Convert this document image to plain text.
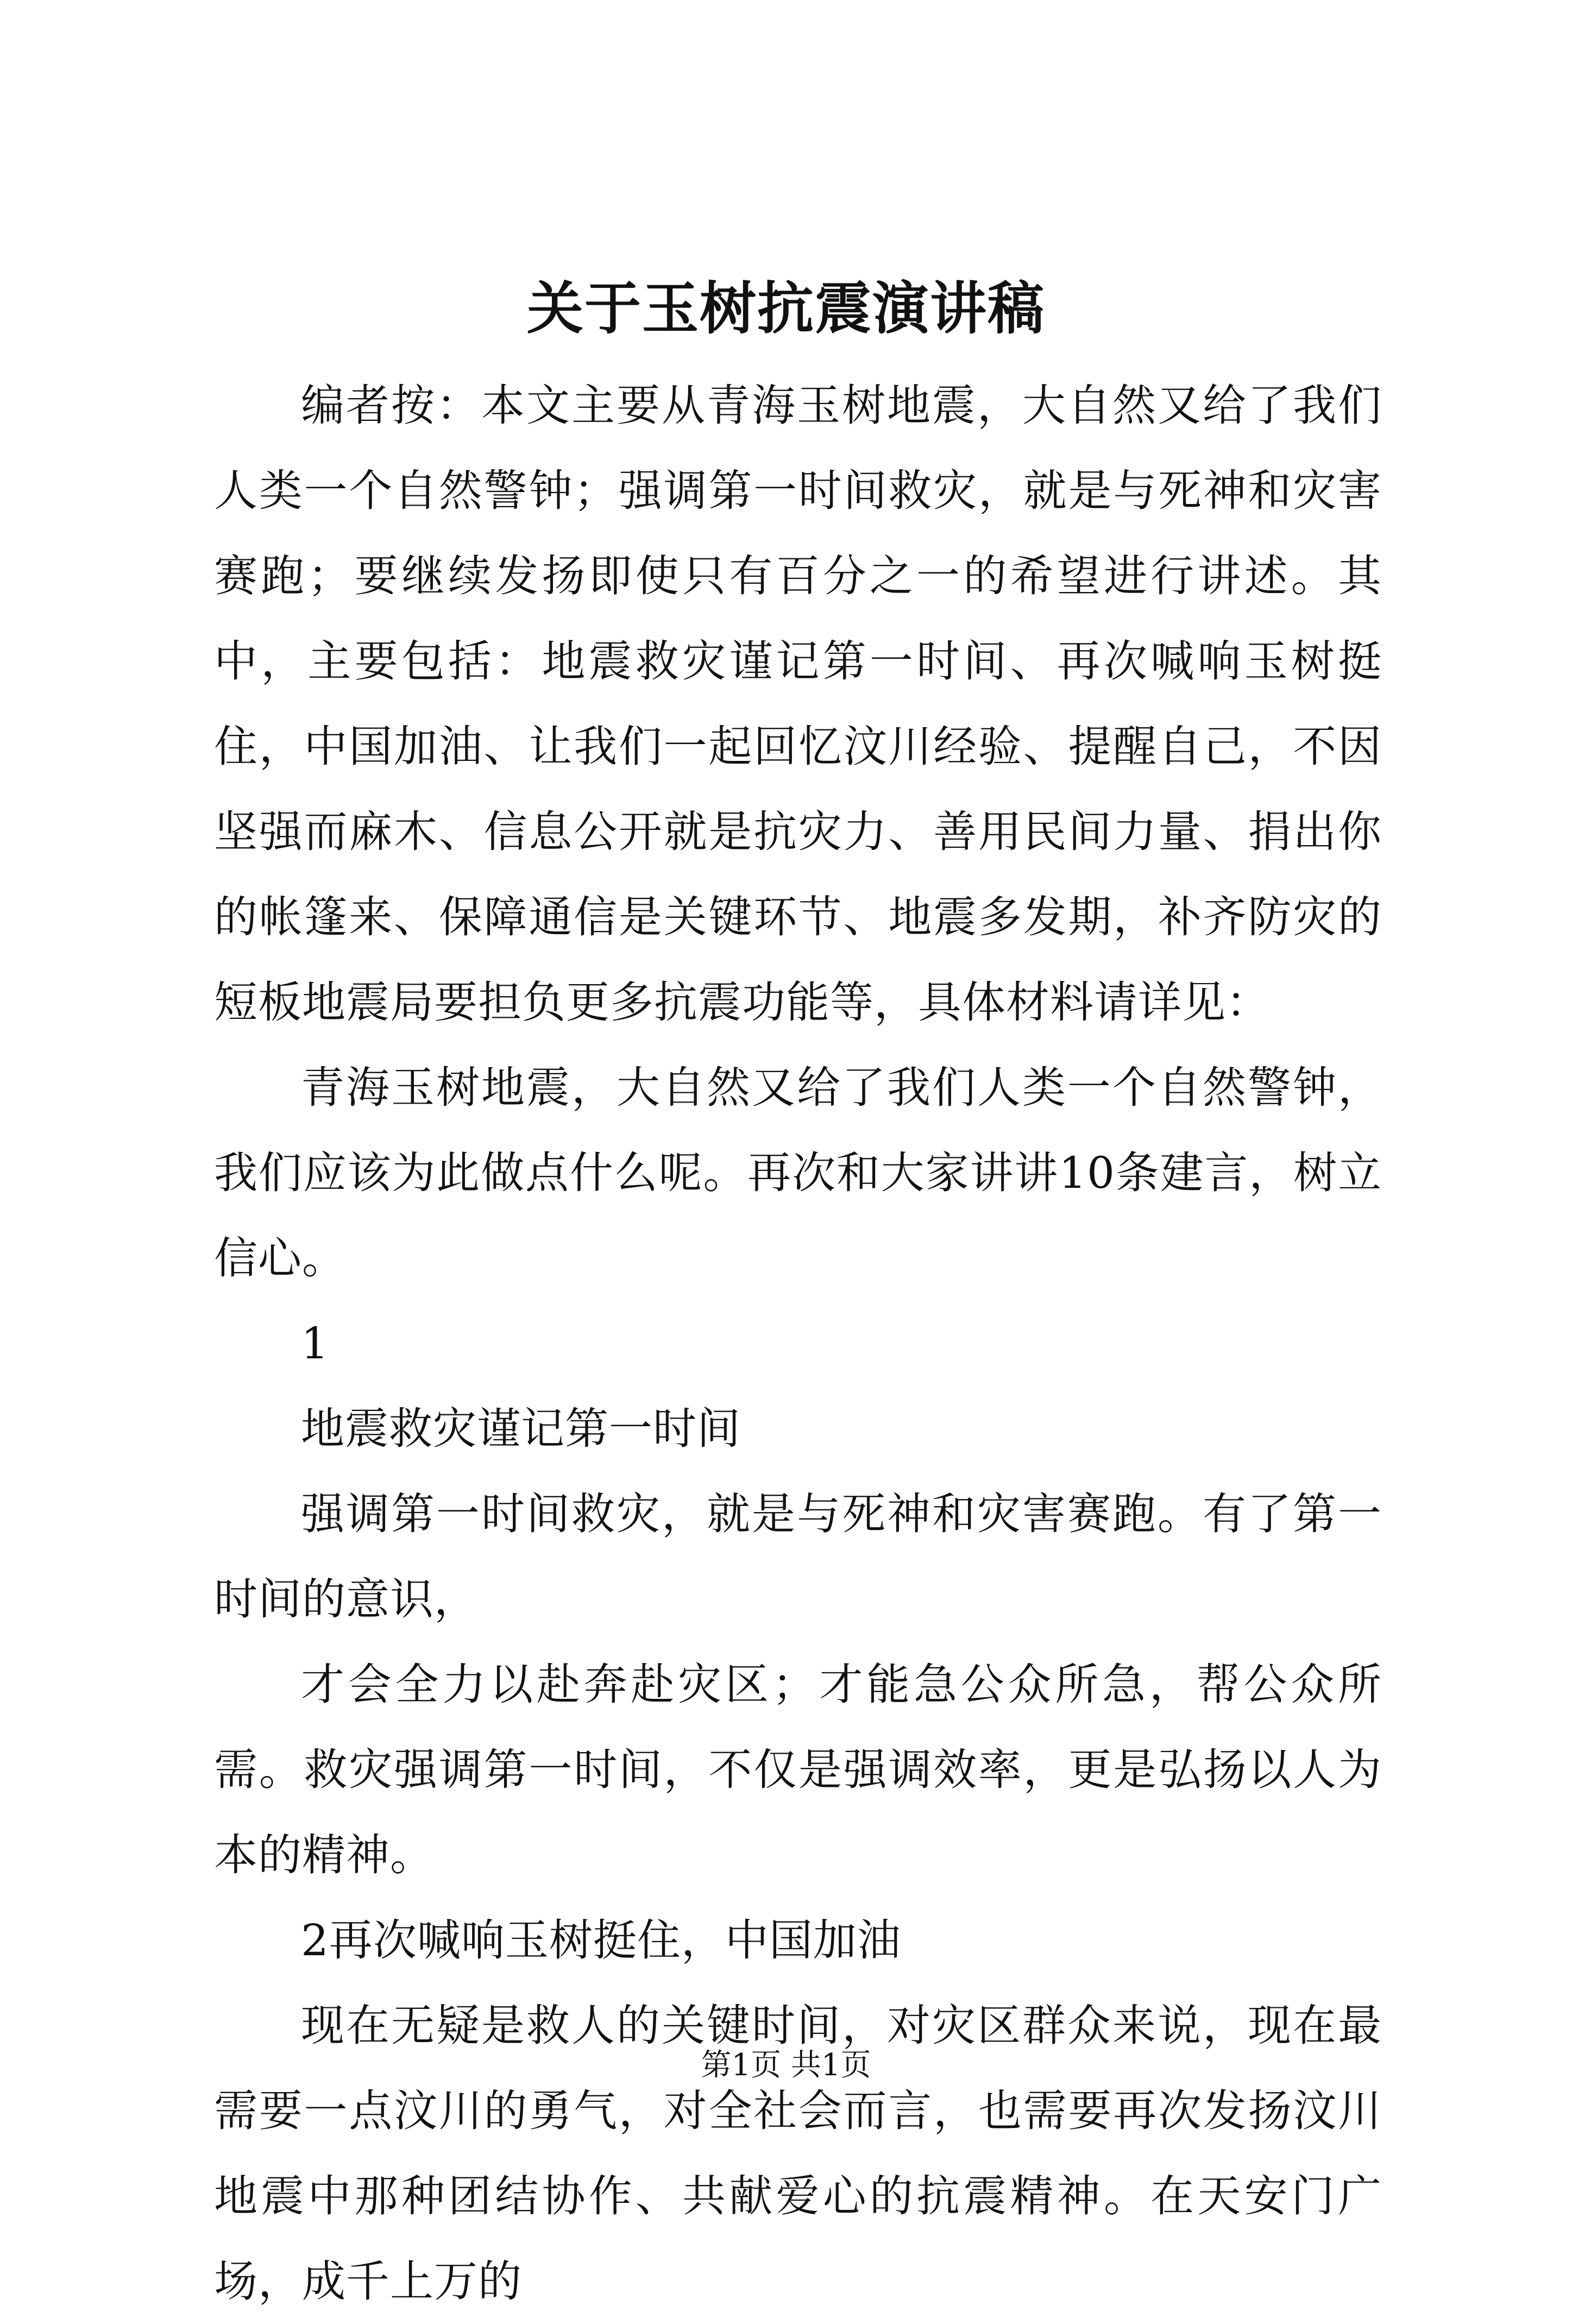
关于玉树抗震演讲稿

编者按：本文主要从青海玉树地震，大自然又给了我们人类一个自然警钟；强调第一时间救灾，就是与死神和灾害赛跑；要继续发扬即使只有百分之一的希望进行讲述。其中，主要包括：地震救灾谨记第一时间、再次喊响玉树挺住，中国加油、让我们一起回忆汶川经验、提醒自己，不因坚强而麻木、信息公开就是抗灾力、善用民间力量、捐出你的帐篷来、保障通信是关键环节、地震多发期，补齐防灾的短板地震局要担负更多抗震功能等，具体材料请详见：

青海玉树地震，大自然又给了我们人类一个自然警钟，我们应该为此做点什么呢。再次和大家讲讲10条建言，树立信心。

1

地震救灾谨记第一时间

强调第一时间救灾，就是与死神和灾害赛跑。有了第一时间的意识，

才会全力以赴奔赴灾区；才能急公众所急，帮公众所需。救灾强调第一时间，不仅是强调效率，更是弘扬以人为本的精神。

2再次喊响玉树挺住，中国加油

现在无疑是救人的关键时间，对灾区群众来说，现在最需要一点汶川的勇气，对全社会而言，也需要再次发扬汶川地震中那种团结协作、共献爱心的抗震精神。在天安门广场，成千上万的

第1页 共1页
